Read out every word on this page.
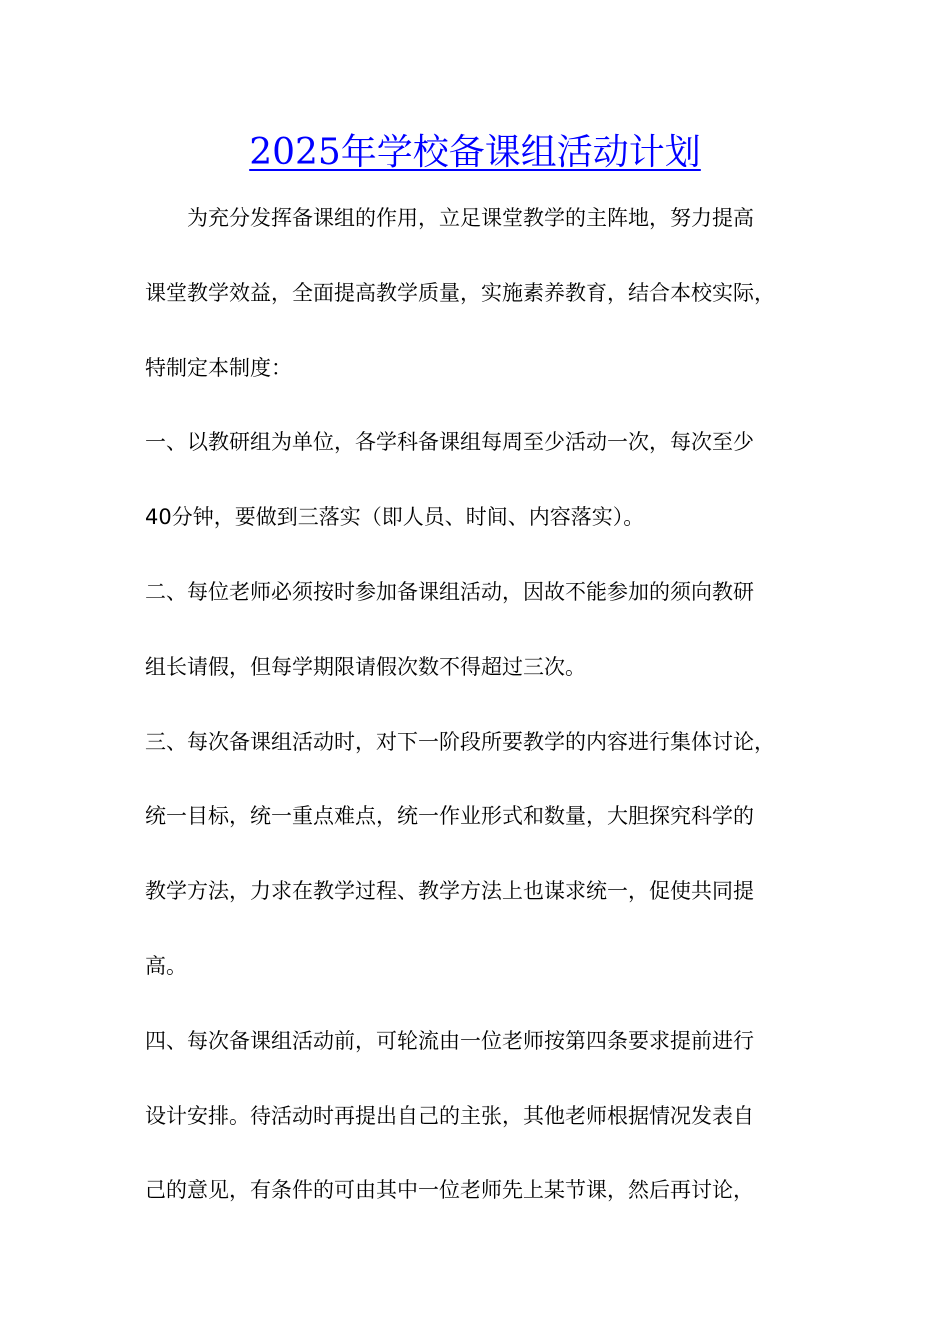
2025年学校备课组活动计划
为充分发挥备课组的作用，立足课堂教学的主阵地，努力提高
课堂教学效益，全面提高教学质量，实施素养教育，结合本校实际，
特制定本制度：
一、以教研组为单位，各学科备课组每周至少活动一次，每次至少
40分钟，要做到三落实（即人员、时间、内容落实）。
二、每位老师必须按时参加备课组活动，因故不能参加的须向教研
组长请假，但每学期限请假次数不得超过三次。
三、每次备课组活动时，对下一阶段所要教学的内容进行集体讨论，
统一目标，统一重点难点，统一作业形式和数量，大胆探究科学的
教学方法，力求在教学过程、教学方法上也谋求统一，促使共同提
高。
四、每次备课组活动前，可轮流由一位老师按第四条要求提前进行
设计安排。待活动时再提出自己的主张，其他老师根据情况发表自
己的意见，有条件的可由其中一位老师先上某节课，然后再讨论，
